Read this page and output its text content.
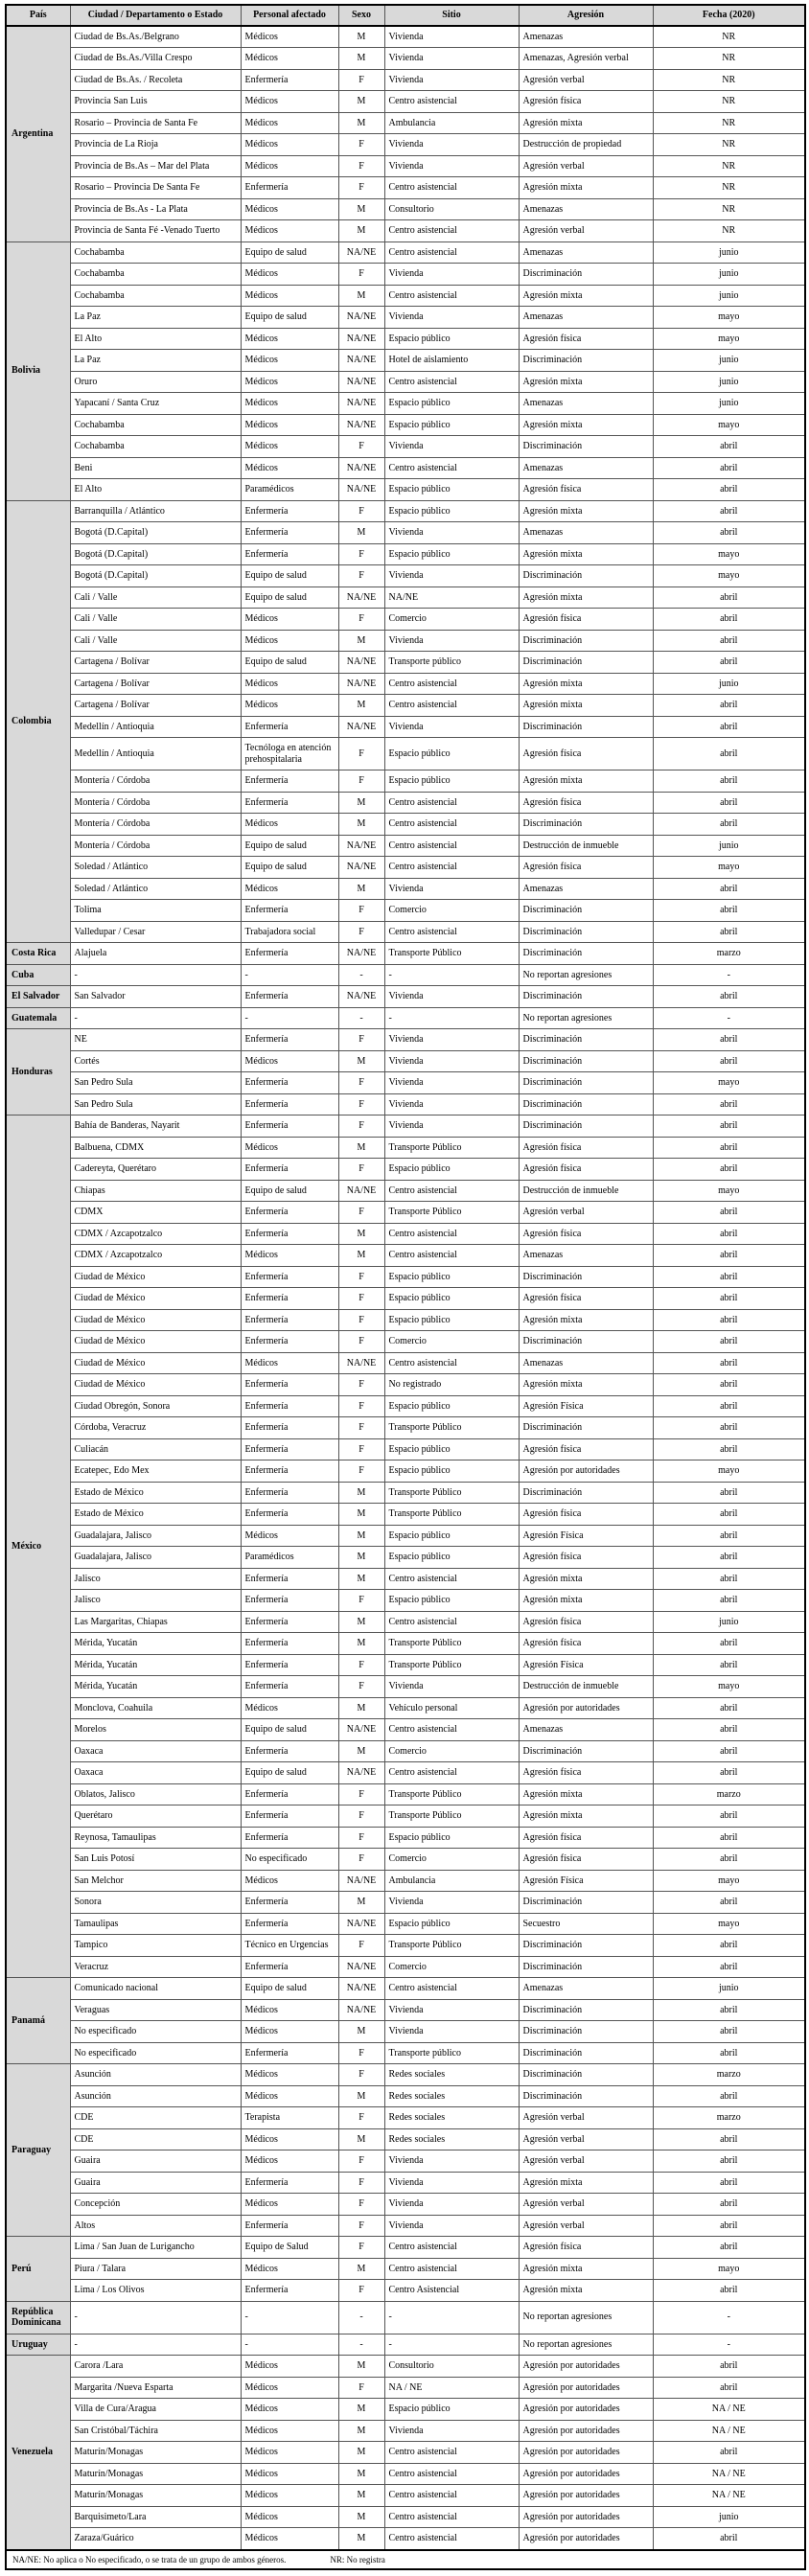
País	Ciudad / Departamento o Estado	Personal afectado	Sexo	Sitio	Agresión	Fecha (2020)
Argentina	Ciudad de Bs.As./Belgrano	Médicos	M	Vivienda	Amenazas	NR
	Ciudad de Bs.As./Villa Crespo	Médicos	M	Vivienda	Amenazas, Agresión verbal	NR
	Ciudad de Bs.As. / Recoleta	Enfermería	F	Vivienda	Agresión verbal	NR
	Provincia San Luis	Médicos	M	Centro asistencial	Agresión física	NR
	Rosario – Provincia de Santa Fe	Médicos	M	Ambulancia	Agresión mixta	NR
	Provincia de La Rioja	Médicos	F	Vivienda	Destrucción de propiedad	NR
	Provincia de Bs.As – Mar del Plata	Médicos	F	Vivienda	Agresión verbal	NR
	Rosario – Provincia De Santa Fe	Enfermería	F	Centro asistencial	Agresión mixta	NR
	Provincia de Bs.As - La Plata	Médicos	M	Consultorio	Amenazas	NR
	Provincia de Santa Fé -Venado Tuerto	Médicos	M	Centro asistencial	Agresión verbal	NR
Bolivia	Cochabamba	Equipo de salud	NA/NE	Centro asistencial	Amenazas	junio
	Cochabamba	Médicos	F	Vivienda	Discriminación	junio
	Cochabamba	Médicos	M	Centro asistencial	Agresión mixta	junio
	La Paz	Equipo de salud	NA/NE	Vivienda	Amenazas	mayo
	El Alto	Médicos	NA/NE	Espacio público	Agresión física	mayo
	La Paz	Médicos	NA/NE	Hotel de aislamiento	Discriminación	junio
	Oruro	Médicos	NA/NE	Centro asistencial	Agresión mixta	junio
	Yapacaní / Santa Cruz	Médicos	NA/NE	Espacio público	Amenazas	junio
	Cochabamba	Médicos	NA/NE	Espacio público	Agresión mixta	mayo
	Cochabamba	Médicos	F	Vivienda	Discriminación	abril
	Beni	Médicos	NA/NE	Centro asistencial	Amenazas	abril
	El Alto	Paramédicos	NA/NE	Espacio público	Agresión física	abril
Colombia	Barranquilla / Atlántico	Enfermería	F	Espacio público	Agresión mixta	abril
	Bogotá (D.Capital)	Enfermería	M	Vivienda	Amenazas	abril
	Bogotá (D.Capital)	Enfermería	F	Espacio público	Agresión mixta	mayo
	Bogotá (D.Capital)	Equipo de salud	F	Vivienda	Discriminación	mayo
	Cali / Valle	Equipo de salud	NA/NE	NA/NE	Agresión mixta	abril
	Cali / Valle	Médicos	F	Comercio	Agresión física	abril
	Cali / Valle	Médicos	M	Vivienda	Discriminación	abril
	Cartagena / Bolívar	Equipo de salud	NA/NE	Transporte público	Discriminación	abril
	Cartagena / Bolívar	Médicos	NA/NE	Centro asistencial	Agresión mixta	junio
	Cartagena / Bolívar	Médicos	M	Centro asistencial	Agresión mixta	abril
	Medellín / Antioquia	Enfermería	NA/NE	Vivienda	Discriminación	abril
	Medellín / Antioquia	Tecnóloga en atención prehospitalaria	F	Espacio público	Agresión física	abril
	Montería / Córdoba	Enfermería	F	Espacio público	Agresión mixta	abril
	Montería / Córdoba	Enfermería	M	Centro asistencial	Agresión física	abril
	Montería / Córdoba	Médicos	M	Centro asistencial	Discriminación	abril
	Montería / Córdoba	Equipo de salud	NA/NE	Centro asistencial	Destrucción de inmueble	junio
	Soledad / Atlántico	Equipo de salud	NA/NE	Centro asistencial	Agresión física	mayo
	Soledad / Atlántico	Médicos	M	Vivienda	Amenazas	abril
	Tolima	Enfermería	F	Comercio	Discriminación	abril
	Valledupar / Cesar	Trabajadora social	F	Centro asistencial	Discriminación	abril
Costa Rica	Alajuela	Enfermería	NA/NE	Transporte Público	Discriminación	marzo
Cuba	-	-	-	-	No reportan agresiones	-
El Salvador	San Salvador	Enfermería	NA/NE	Vivienda	Discriminación	abril
Guatemala	-	-	-	-	No reportan agresiones	-
Honduras	NE	Enfermería	F	Vivienda	Discriminación	abril
	Cortés	Médicos	M	Vivienda	Discriminación	abril
	San Pedro Sula	Enfermería	F	Vivienda	Discriminación	mayo
	San Pedro Sula	Enfermería	F	Vivienda	Discriminación	abril
México	Bahía de Banderas, Nayarit	Enfermería	F	Vivienda	Discriminación	abril
	Balbuena, CDMX	Médicos	M	Transporte Público	Agresión física	abril
	Cadereyta, Querétaro	Enfermería	F	Espacio público	Agresión física	abril
	Chiapas	Equipo de salud	NA/NE	Centro asistencial	Destrucción de inmueble	mayo
	CDMX	Enfermería	F	Transporte Público	Agresión verbal	abril
	CDMX / Azcapotzalco	Enfermería	M	Centro asistencial	Agresión física	abril
	CDMX / Azcapotzalco	Médicos	M	Centro asistencial	Amenazas	abril
	Ciudad de México	Enfermería	F	Espacio público	Discriminación	abril
	Ciudad de México	Enfermería	F	Espacio público	Agresión física	abril
	Ciudad de México	Enfermería	F	Espacio público	Agresión mixta	abril
	Ciudad de México	Enfermería	F	Comercio	Discriminación	abril
	Ciudad de México	Médicos	NA/NE	Centro asistencial	Amenazas	abril
	Ciudad de México	Enfermería	F	No registrado	Agresión mixta	abril
	Ciudad Obregón, Sonora	Enfermería	F	Espacio público	Agresión Física	abril
	Córdoba, Veracruz	Enfermería	F	Transporte Público	Discriminación	abril
	Culiacán	Enfermería	F	Espacio público	Agresión física	abril
	Ecatepec, Edo Mex	Enfermería	F	Espacio público	Agresión por autoridades	mayo
	Estado de México	Enfermería	M	Transporte Público	Discriminación	abril
	Estado de México	Enfermería	M	Transporte Público	Agresión física	abril
	Guadalajara, Jalisco	Médicos	M	Espacio público	Agresión Física	abril
	Guadalajara, Jalisco	Paramédicos	M	Espacio público	Agresión física	abril
	Jalisco	Enfermería	M	Centro asistencial	Agresión mixta	abril
	Jalisco	Enfermería	F	Espacio público	Agresión mixta	abril
	Las Margaritas, Chiapas	Enfermería	M	Centro asistencial	Agresión física	junio
	Mérida, Yucatán	Enfermería	M	Transporte Público	Agresión física	abril
	Mérida, Yucatán	Enfermería	F	Transporte Público	Agresión Física	abril
	Mérida, Yucatán	Enfermería	F	Vivienda	Destrucción de inmueble	mayo
	Monclova, Coahuila	Médicos	M	Vehículo personal	Agresión por autoridades	abril
	Morelos	Equipo de salud	NA/NE	Centro asistencial	Amenazas	abril
	Oaxaca	Enfermería	M	Comercio	Discriminación	abril
	Oaxaca	Equipo de salud	NA/NE	Centro asistencial	Agresión física	abril
	Oblatos, Jalisco	Enfermería	F	Transporte Público	Agresión mixta	marzo
	Querétaro	Enfermería	F	Transporte Público	Agresión mixta	abril
	Reynosa, Tamaulipas	Enfermería	F	Espacio público	Agresión física	abril
	San Luis Potosí	No especificado	F	Comercio	Agresión física	abril
	San Melchor	Médicos	NA/NE	Ambulancia	Agresión Física	mayo
	Sonora	Enfermería	M	Vivienda	Discriminación	abril
	Tamaulipas	Enfermería	NA/NE	Espacio público	Secuestro	mayo
	Tampico	Técnico en Urgencias	F	Transporte Público	Discriminación	abril
	Veracruz	Enfermería	NA/NE	Comercio	Discriminación	abril
Panamá	Comunicado nacional	Equipo de salud	NA/NE	Centro asistencial	Amenazas	junio
	Veraguas	Médicos	NA/NE	Vivienda	Discriminación	abril
	No especificado	Médicos	M	Vivienda	Discriminación	abril
	No especificado	Enfermería	F	Transporte público	Discriminación	abril
Paraguay	Asunción	Médicos	F	Redes sociales	Discriminación	marzo
	Asunción	Médicos	M	Redes sociales	Discriminación	abril
	CDE	Terapista	F	Redes sociales	Agresión verbal	marzo
	CDE	Médicos	M	Redes sociales	Agresión verbal	abril
	Guaira	Médicos	F	Vivienda	Agresión verbal	abril
	Guaira	Enfermería	F	Vivienda	Agresión mixta	abril
	Concepción	Médicos	F	Vivienda	Agresión verbal	abril
	Altos	Enfermería	F	Vivienda	Agresión verbal	abril
Perú	Lima / San Juan de Lurigancho	Equipo de Salud	F	Centro asistencial	Agresión física	abril
	Piura / Talara	Médicos	M	Centro asistencial	Agresión mixta	mayo
	Lima / Los Olivos	Enfermería	F	Centro Asistencial	Agresión mixta	abril
República Dominicana	-	-	-	-	No reportan agresiones	-
Uruguay	-	-	-	-	No reportan agresiones	-
Venezuela	Carora /Lara	Médicos	M	Consultorio	Agresión por autoridades	abril
	Margarita /Nueva Esparta	Médicos	F	NA / NE	Agresión por autoridades	abril
	Villa de Cura/Aragua	Médicos	M	Espacio público	Agresión por autoridades	NA / NE
	San Cristóbal/Táchira	Médicos	M	Vivienda	Agresión por autoridades	NA / NE
	Maturín/Monagas	Médicos	M	Centro asistencial	Agresión por autoridades	abril
	Maturín/Monagas	Médicos	M	Centro asistencial	Agresión por autoridades	NA / NE
	Maturín/Monagas	Médicos	M	Centro asistencial	Agresión por autoridades	NA / NE
	Barquisimeto/Lara	Médicos	M	Centro asistencial	Agresión por autoridades	junio
	Zaraza/Guárico	Médicos	M	Centro asistencial	Agresión por autoridades	abril
NA/NE: No aplica o No especificado, o se trata de un grupo de ambos géneros. NR: No registra						
